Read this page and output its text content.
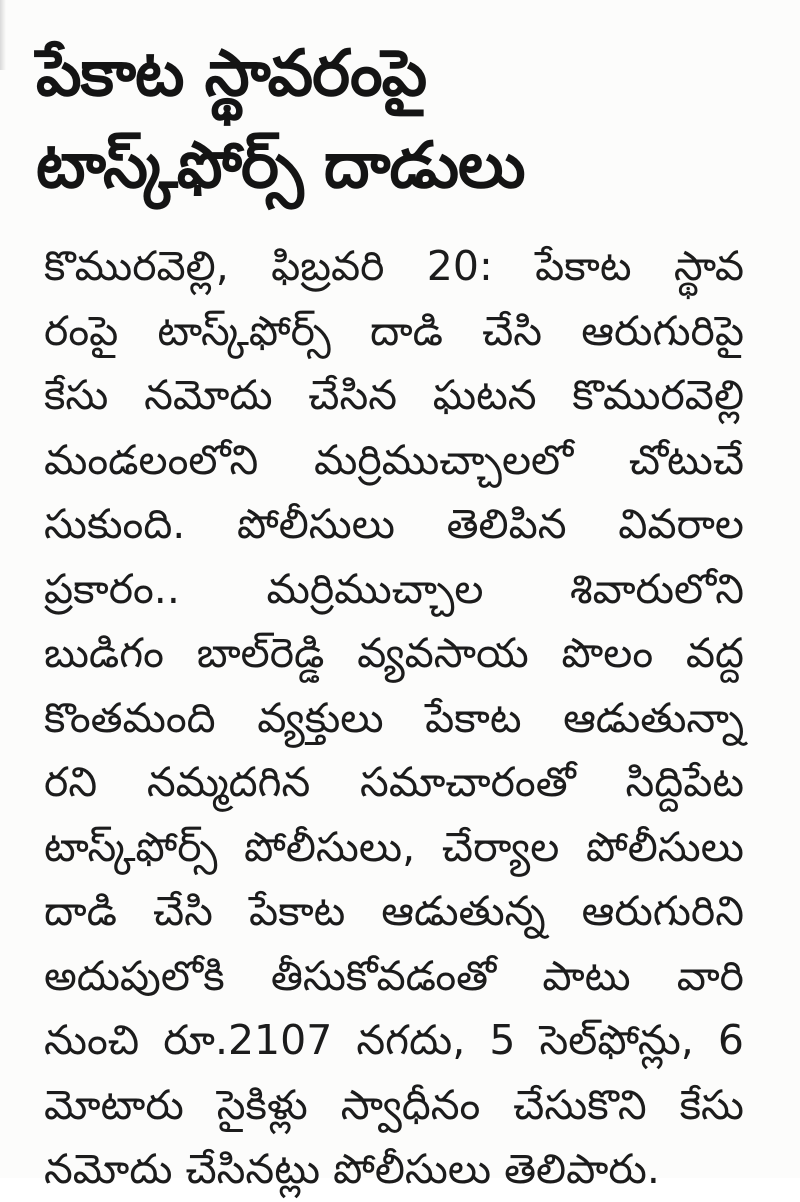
పేకాట స్థావరంపై
టాస్క్‌ఫోర్స్ దాడులు
కొమురవెల్లి, ఫిబ్రవరి 20: పేకాట స్థావ
రంపై టాస్క్‌ఫోర్స్ దాడి చేసి ఆరుగురిపై
కేసు నమోదు చేసిన ఘటన కొమురవెల్లి
మండలంలోని మర్రిముచ్చాలలో చోటుచే
సుకుంది. పోలీసులు తెలిపిన వివరాల
ప్రకారం.. మర్రిముచ్చాల శివారులోని
బుడిగం బాల్‌రెడ్డి వ్యవసాయ పొలం వద్ద
కొంతమంది వ్యక్తులు పేకాట ఆడుతున్నా
రని నమ్మదగిన సమాచారంతో సిద్దిపేట
టాస్క్‌ఫోర్స్ పోలీసులు, చేర్యాల పోలీసులు
దాడి చేసి పేకాట ఆడుతున్న ఆరుగురిని
అదుపులోకి తీసుకోవడంతో పాటు వారి
నుంచి రూ.2107 నగదు, 5 సెల్‌ఫోన్లు, 6
మోటారు సైకిళ్లు స్వాధీనం చేసుకొని కేసు
నమోదు చేసినట్లు పోలీసులు తెలిపారు.
